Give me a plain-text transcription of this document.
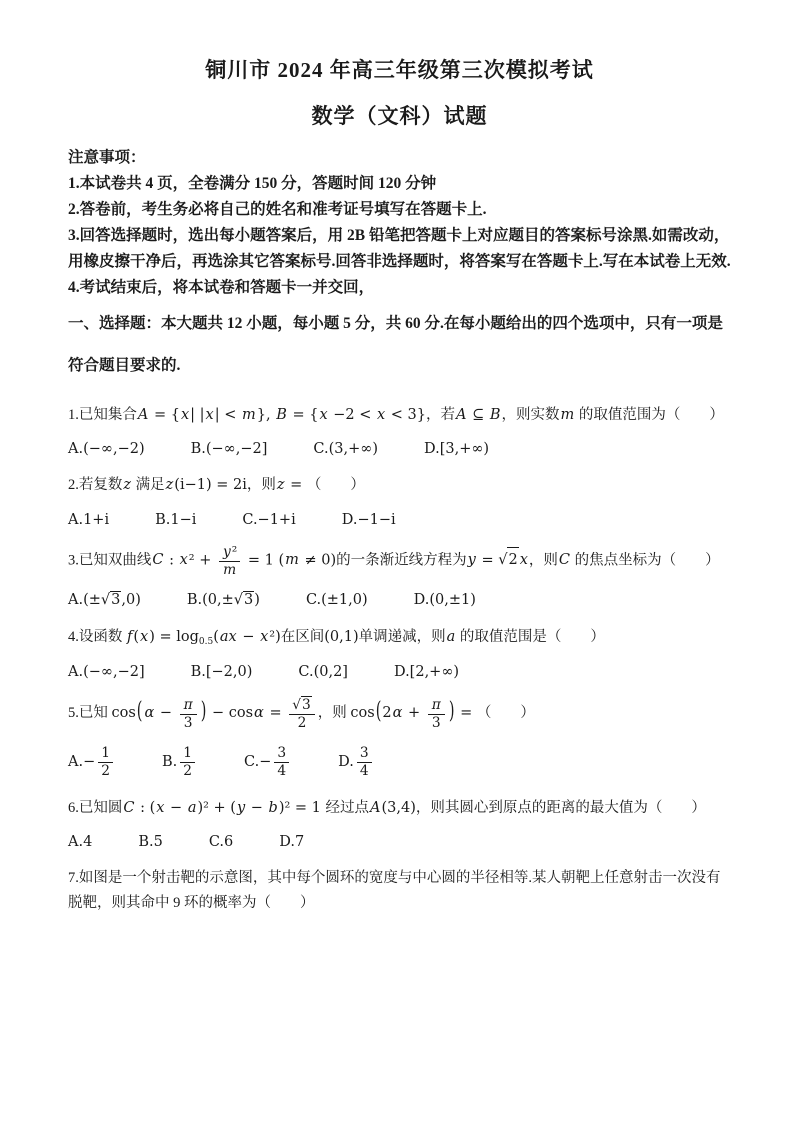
铜川市 2024 年高三年级第三次模拟考试
数学（文科）试题

注意事项：

1.本试卷共 4 页，全卷满分 150 分，答题时间 120 分钟

2.答卷前，考生务必将自己的姓名和准考证号填写在答题卡上.

3.回答选择题时，选出每小题答案后，用 2B 铅笔把答题卡上对应题目的答案标号涂黑.如需改动，用橡皮擦干净后，再选涂其它答案标号.回答非选择题时，将答案写在答题卡上.写在本试卷上无效.

4.考试结束后，将本试卷和答题卡一并交回，

一、选择题：本大题共 12 小题，每小题 5 分，共 60 分.在每小题给出的四个选项中，只有一项是符合题目要求的.

1.已知集合A = {x| |x| < m}, B = {x −2 < x < 3}，若A ⊆ B，则实数m 的取值范围为（　　）
A.(−∞,−2)	B.(−∞,−2]	C.(3,+∞)	D.[3,+∞)
2.若复数z 满足z(i−1) = 2i，则z = （　　）
A.1+i	B.1−i	C.−1+i	D.−1−i
3.已知双曲线C : $x^2 + \frac{\text{y²}}{m} = 1$ (m ≠ 0)的一条渐近线方程为y = √ 2 x，则C 的焦点坐标为（　　）
A.(± √ 3 ,0)	B.(0,± √ 3 )	C.(±1,0)	D.(0,±1)
4.设函数 $f(x) = \log_{0.5}(ax - x^2)$在区间(0,1)单调递减，则a 的取值范围是（　　）
A.(−∞,−2]	B.[−2,0)	C.(0,2]	D.[2,+∞)
5.已知 cos( $\alpha - \frac{\pi}{3}$ ) − cosα = √ $\frac{3}{2}$ ，则 $\cos(2\alpha + \frac{\pi}{3}$ ) = （　　）
$A.- \frac{1}{2}$	B. $\frac{1}{2}$	$C.- \frac{3}{4}$	D. $\frac{3}{4}$
6.已知圆C : (x − a)² + (y − b)² = 1 经过点A(3,4)，则其圆心到原点的距离的最大值为（　　）
A.4	B.5	C.6	D.7
7.如图是一个射击靶的示意图，其中每个圆环的宽度与中心圆的半径相等.某人朝靶上任意射击一次没有脱靶，则其命中 9 环的概率为（　　）
